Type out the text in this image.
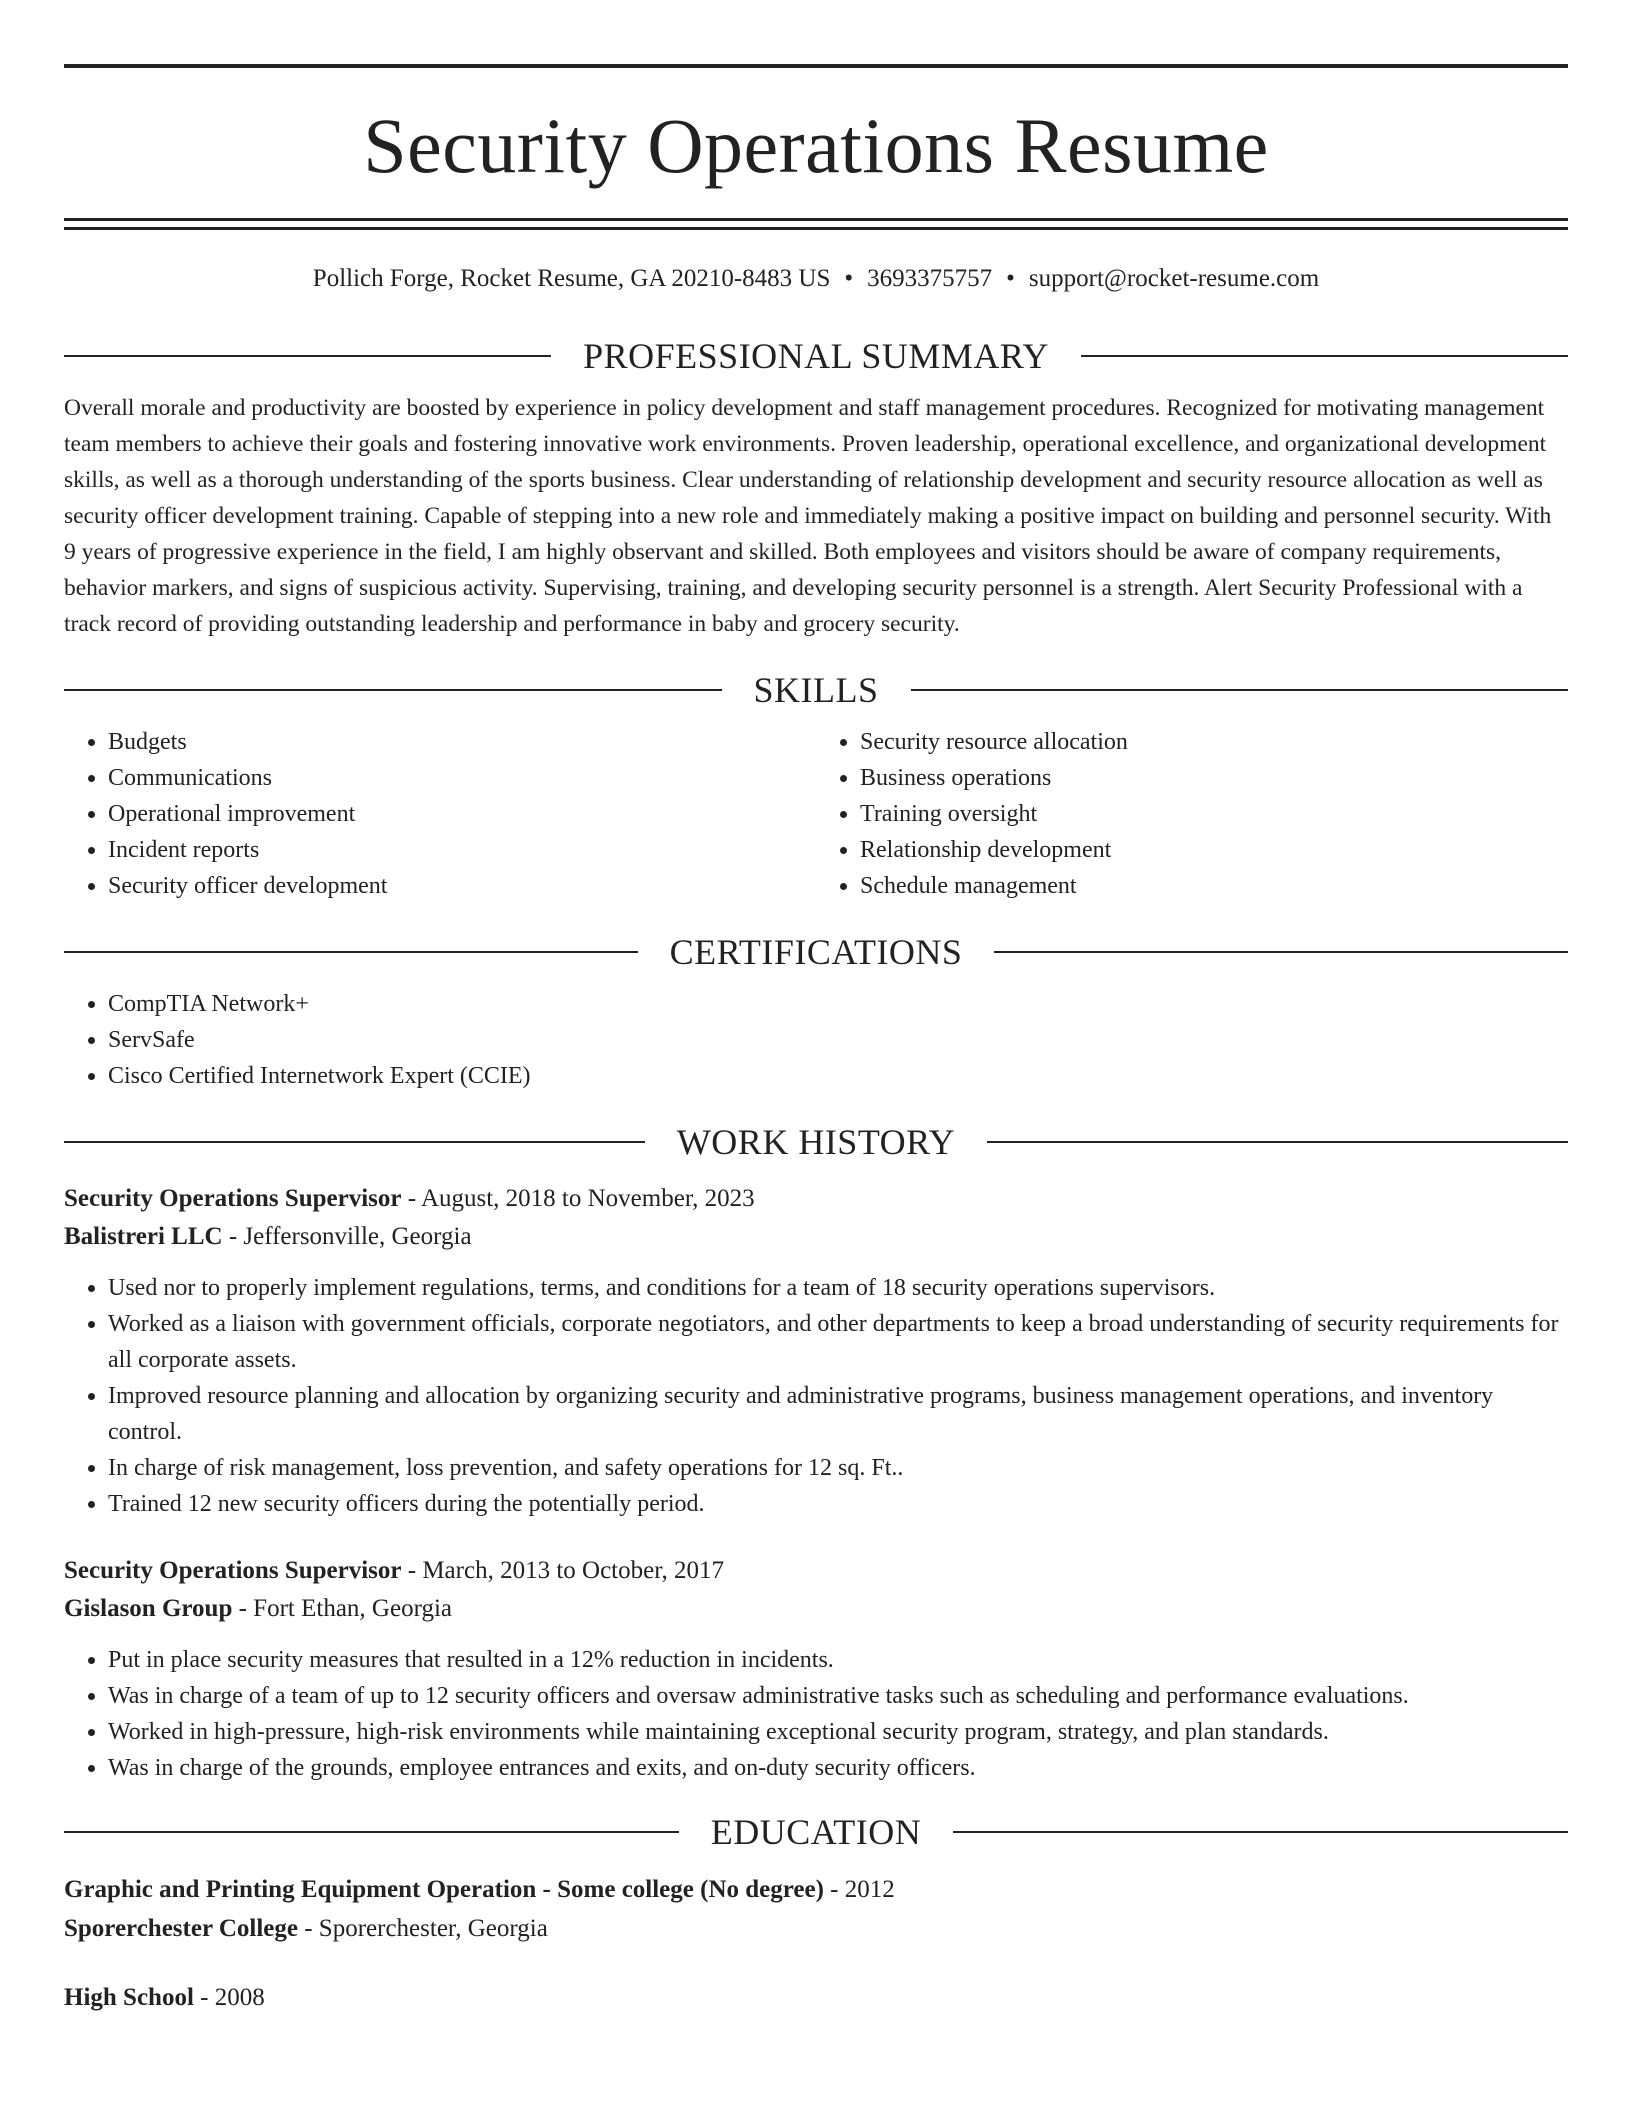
Security Operations Resume
Pollich Forge, Rocket Resume, GA 20210-8483 US • 3693375757 • support@rocket-resume.com
PROFESSIONAL SUMMARY

Overall morale and productivity are boosted by experience in policy development and staff management procedures. Recognized for motivating management team members to achieve their goals and fostering innovative work environments. Proven leadership, operational excellence, and organizational development skills, as well as a thorough understanding of the sports business. Clear understanding of relationship development and security resource allocation as well as security officer development training. Capable of stepping into a new role and immediately making a positive impact on building and personnel security. With 9 years of progressive experience in the field, I am highly observant and skilled. Both employees and visitors should be aware of company requirements, behavior markers, and signs of suspicious activity. Supervising, training, and developing security personnel is a strength. Alert Security Professional with a track record of providing outstanding leadership and performance in baby and grocery security.

SKILLS
• Budgets
• Communications
• Operational improvement
• Incident reports
• Security officer development
• Security resource allocation
• Business operations
• Training oversight
• Relationship development
• Schedule management
CERTIFICATIONS
• CompTIA Network+
• ServSafe
• Cisco Certified Internetwork Expert (CCIE)
WORK HISTORY
Security Operations Supervisor - August, 2018 to November, 2023
Balistreri LLC - Jeffersonville, Georgia
• Used nor to properly implement regulations, terms, and conditions for a team of 18 security operations supervisors.
• Worked as a liaison with government officials, corporate negotiators, and other departments to keep a broad understanding of security requirements for all corporate assets.
• Improved resource planning and allocation by organizing security and administrative programs, business management operations, and inventory control.
• In charge of risk management, loss prevention, and safety operations for 12 sq. Ft..
• Trained 12 new security officers during the potentially period.
Security Operations Supervisor - March, 2013 to October, 2017
Gislason Group - Fort Ethan, Georgia
• Put in place security measures that resulted in a 12% reduction in incidents.
• Was in charge of a team of up to 12 security officers and oversaw administrative tasks such as scheduling and performance evaluations.
• Worked in high-pressure, high-risk environments while maintaining exceptional security program, strategy, and plan standards.
• Was in charge of the grounds, employee entrances and exits, and on-duty security officers.
EDUCATION
Graphic and Printing Equipment Operation - Some college (No degree) - 2012
Sporerchester College - Sporerchester, Georgia
High School - 2008
